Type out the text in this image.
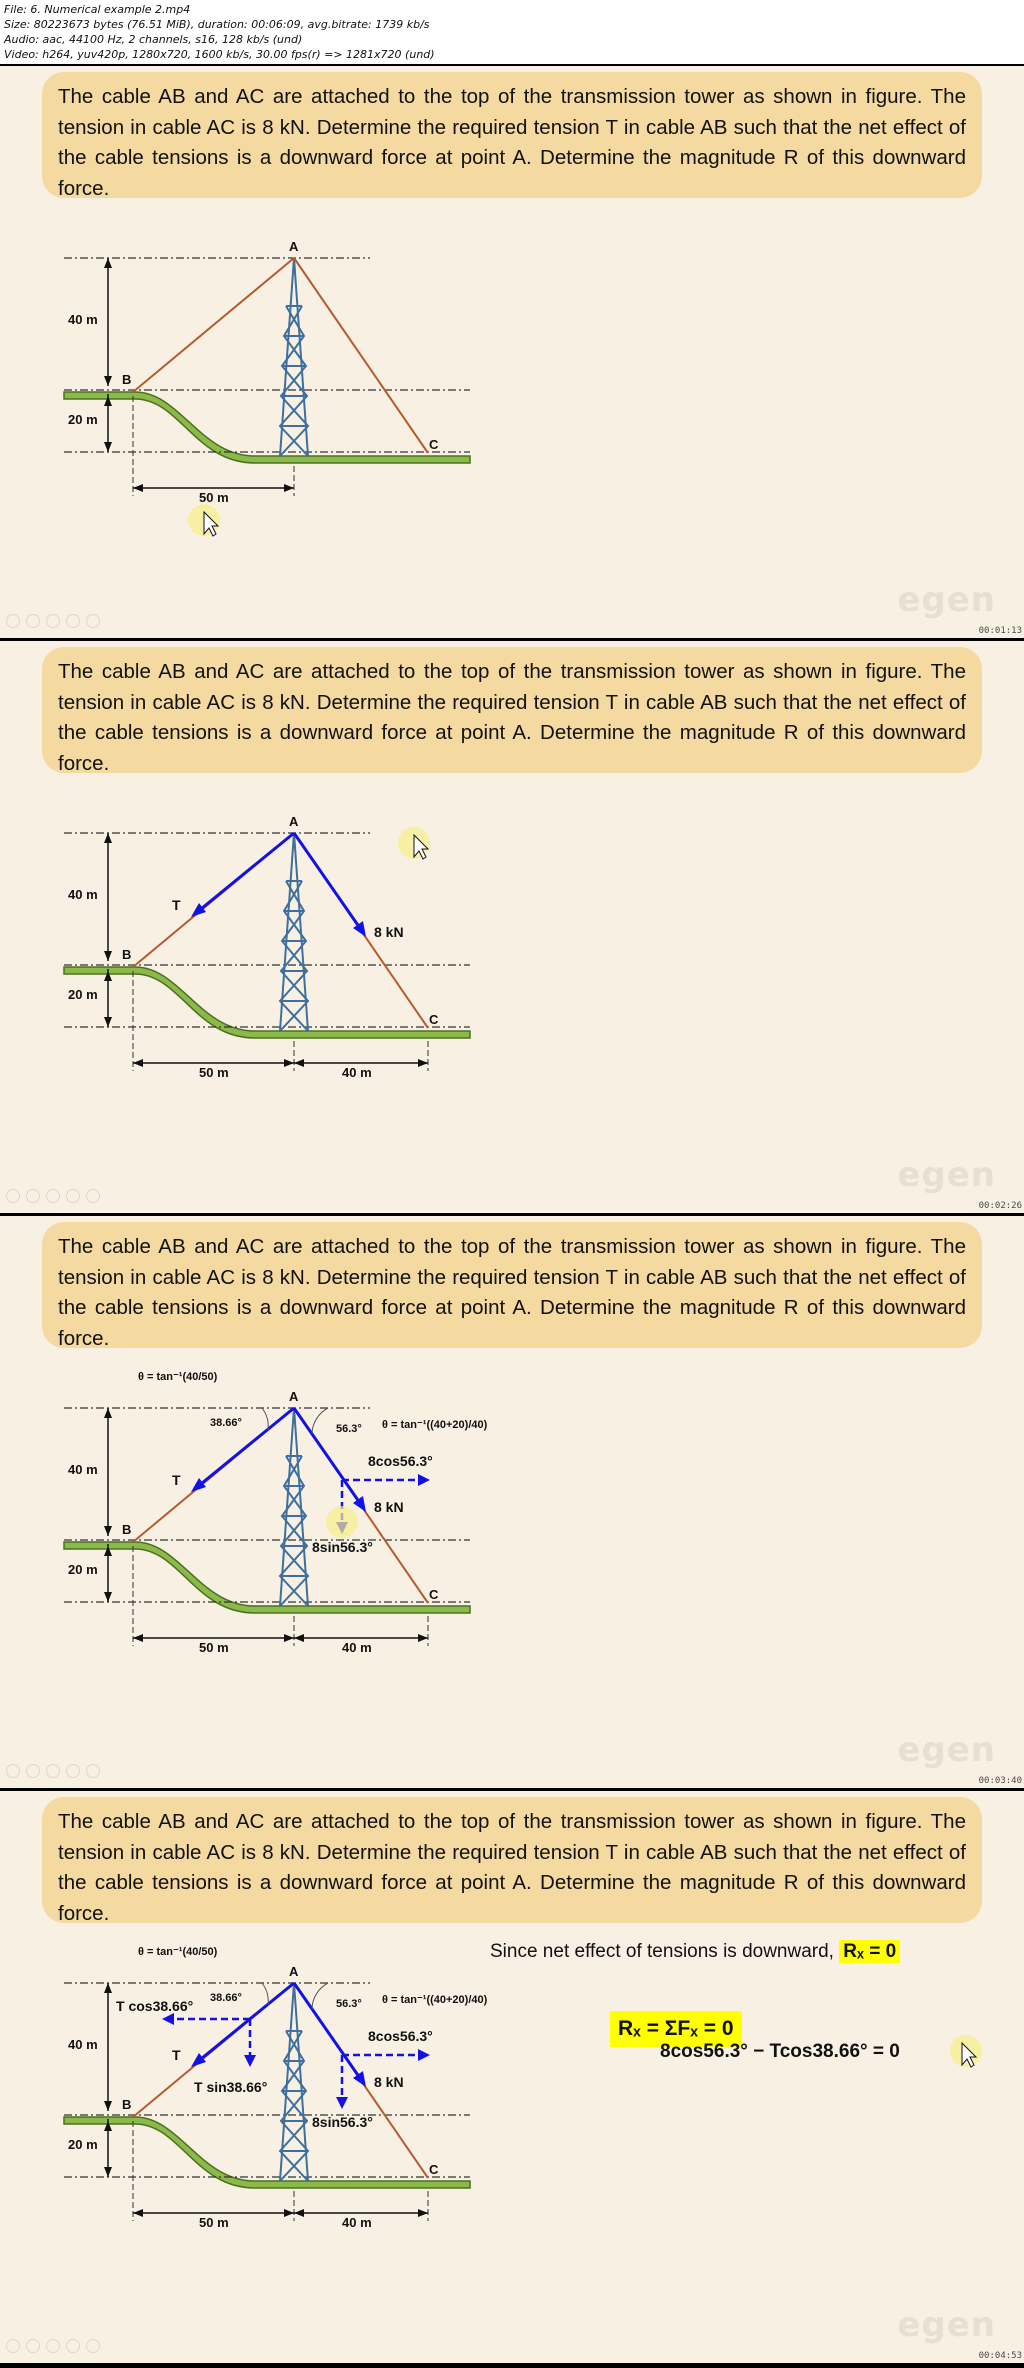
File: 6. Numerical example 2.mp4
Size: 80223673 bytes (76.51 MiB), duration: 00:06:09, avg.bitrate: 1739 kb/s
Audio: aac, 44100 Hz, 2 channels, s16, 128 kb/s (und)
Video: h264, yuv420p, 1280x720, 1600 kb/s, 30.00 fps(r) => 1281x720 (und)
The cable AB and AC are attached to the top of the transmission tower as shown in figure. The tension in cable AC is 8 kN. Determine the required tension T in cable AB such that the net effect of the cable tensions is a downward force at point A. Determine the magnitude R of this downward force.
A
B
C
40 m
20 m
50 m
egen
00:01:13
The cable AB and AC are attached to the top of the transmission tower as shown in figure. The tension in cable AC is 8 kN. Determine the required tension T in cable AB such that the net effect of the cable tensions is a downward force at point A. Determine the magnitude R of this downward force.
A
B
C
40 m
20 m
50 m	40 m
T
8 kN
egen
00:02:26
The cable AB and AC are attached to the top of the transmission tower as shown in figure. The tension in cable AC is 8 kN. Determine the required tension T in cable AB such that the net effect of the cable tensions is a downward force at point A. Determine the magnitude R of this downward force.
A
B
C
40 m
20 m
50 m	40 m
T
8 kN
38.66°	56.3°
θ = tan⁻¹(40/50)
θ = tan⁻¹((40+20)/40)
8cos56.3°
8sin56.3°
egen
00:03:40
The cable AB and AC are attached to the top of the transmission tower as shown in figure. The tension in cable AC is 8 kN. Determine the required tension T in cable AB such that the net effect of the cable tensions is a downward force at point A. Determine the magnitude R of this downward force.
A
B
C
40 m
20 m
50 m	40 m
T
8 kN
38.66°	56.3°
θ = tan⁻¹(40/50)
θ = tan⁻¹((40+20)/40)
8cos56.3°
8sin56.3°
T cos38.66°
T sin38.66°
Since net effect of tensions is downward, Rₓ = 0
Rₓ = ΣFₓ = 0
8cos56.3° − Tcos38.66° = 0
egen
00:04:53
